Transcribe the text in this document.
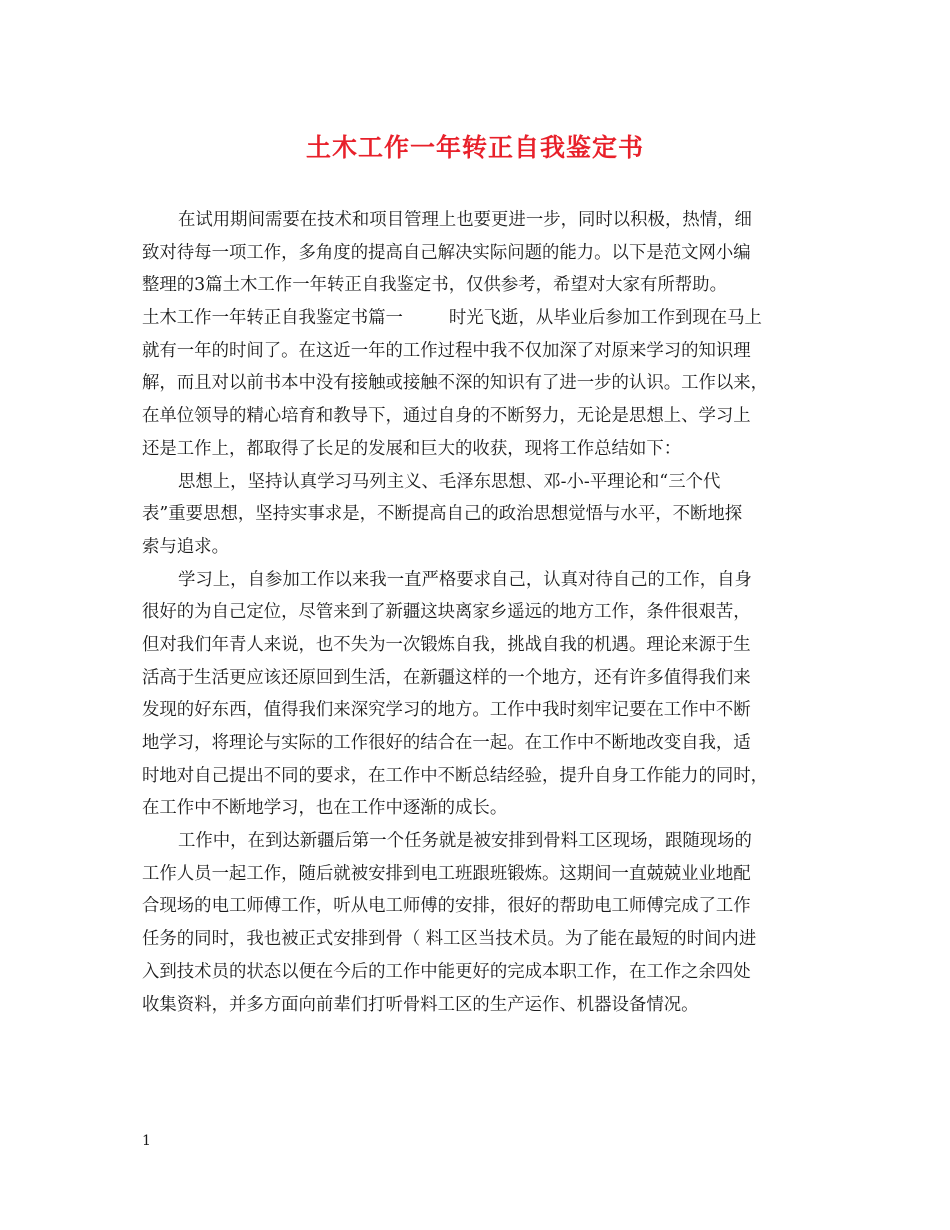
土木工作一年转正自我鉴定书
在试用期间需要在技术和项目管理上也要更进一步，同时以积极，热情，细
致对待每一项工作，多角度的提高自己解决实际问题的能力。以下是范文网小编
整理的3篇土木工作一年转正自我鉴定书，仅供参考，希望对大家有所帮助。
土木工作一年转正自我鉴定书篇一	时光飞逝，从毕业后参加工作到现在马上
就有一年的时间了。在这近一年的工作过程中我不仅加深了对原来学习的知识理
解，而且对以前书本中没有接触或接触不深的知识有了进一步的认识。工作以来，
在单位领导的精心培育和教导下，通过自身的不断努力，无论是思想上、学习上
还是工作上，都取得了长足的发展和巨大的收获，现将工作总结如下：
思想上，坚持认真学习马列主义、毛泽东思想、邓-小-平理论和“三个代
表”重要思想，坚持实事求是，不断提高自己的政治思想觉悟与水平，不断地探
索与追求。
学习上，自参加工作以来我一直严格要求自己，认真对待自己的工作，自身
很好的为自己定位，尽管来到了新疆这块离家乡遥远的地方工作，条件很艰苦，
但对我们年青人来说，也不失为一次锻炼自我，挑战自我的机遇。理论来源于生
活高于生活更应该还原回到生活，在新疆这样的一个地方，还有许多值得我们来
发现的好东西，值得我们来深究学习的地方。工作中我时刻牢记要在工作中不断
地学习，将理论与实际的工作很好的结合在一起。在工作中不断地改变自我，适
时地对自己提出不同的要求，在工作中不断总结经验，提升自身工作能力的同时，
在工作中不断地学习，也在工作中逐渐的成长。
工作中，在到达新疆后第一个任务就是被安排到骨料工区现场，跟随现场的
工作人员一起工作，随后就被安排到电工班跟班锻炼。这期间一直兢兢业业地配
合现场的电工师傅工作，听从电工师傅的安排，很好的帮助电工师傅完成了工作
任务的同时，我也被正式安排到骨（ 料工区当技术员。为了能在最短的时间内进
入到技术员的状态以便在今后的工作中能更好的完成本职工作，在工作之余四处
收集资料，并多方面向前辈们打听骨料工区的生产运作、机器设备情况。
1
